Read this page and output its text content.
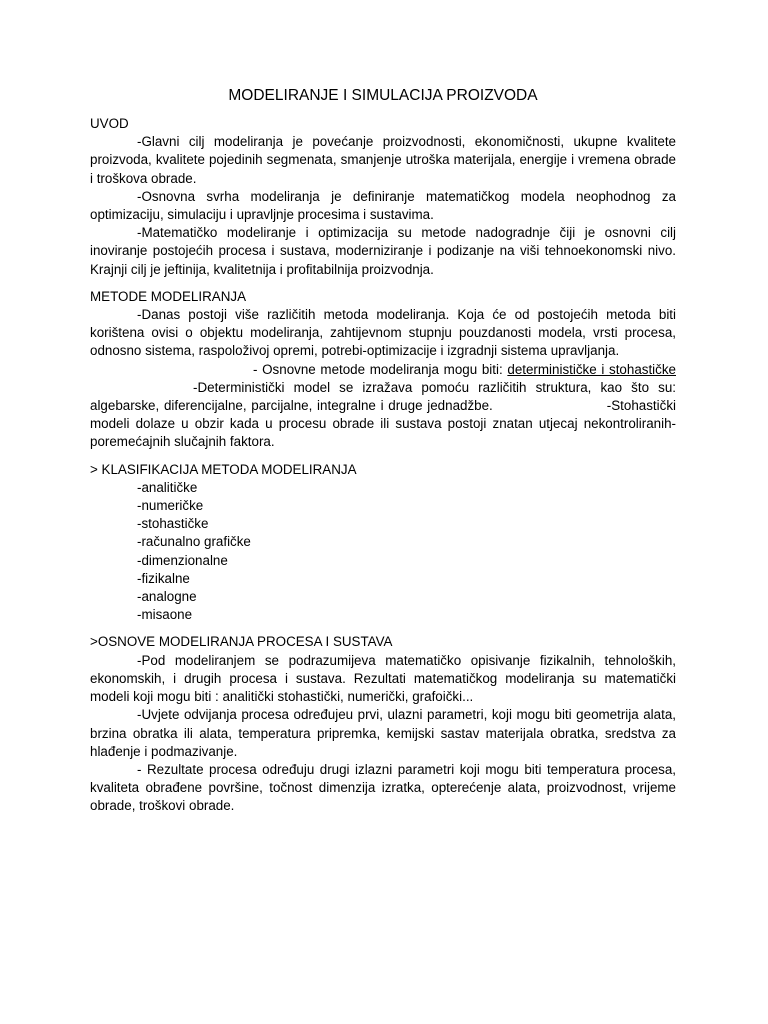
MODELIRANJE I SIMULACIJA PROIZVODA

UVOD

-Glavni cilj modeliranja je povećanje proizvodnosti, ekonomičnosti, ukupne kvalitete proizvoda, kvalitete pojedinih segmenata, smanjenje utroška materijala, energije i vremena obrade i troškova obrade.

-Osnovna svrha modeliranja je definiranje matematičkog modela neophodnog za optimizaciju, simulaciju i upravljnje procesima i sustavima.

-Matematičko modeliranje i optimizacija su metode nadogradnje čiji je osnovni cilj inoviranje postojećih procesa i sustava, moderniziranje i podizanje na viši tehnoekonomski nivo. Krajnji cilj je jeftinija, kvalitetnija i profitabilnija proizvodnja.

METODE MODELIRANJA

-Danas postoji više različitih metoda modeliranja. Koja će od postojećih metoda biti korištena ovisi o objektu modeliranja, zahtijevnom stupnju pouzdanosti modela, vrsti procesa, odnosno sistema, raspoloživoj opremi, potrebi-optimizacije i izgradnji sistema upravljanja.

- Osnovne metode modeliranja mogu biti: determinističke i stohastičke -Deterministički model se izražava pomoću različitih struktura, kao što su: algebarske, diferencijalne, parcijalne, integralne i druge jednadžbe.	-Stohastički modeli dolaze u obzir kada u procesu obrade ili sustava postoji znatan utjecaj nekontroliranih-poremećajnih slučajnih faktora.

> KLASIFIKACIJA METODA MODELIRANJA

-analitičke
-numeričke
-stohastičke
-računalno grafičke
-dimenzionalne
-fizikalne
-analogne
-misaone

>OSNOVE MODELIRANJA PROCESA I SUSTAVA

-Pod modeliranjem se podrazumijeva matematičko opisivanje fizikalnih, tehnoloških, ekonomskih, i drugih procesa i sustava. Rezultati matematičkog modeliranja su matematički modeli koji mogu biti : analitički stohastički, numerički, grafoički...

-Uvjete odvijanja procesa određujeu prvi, ulazni parametri, koji mogu biti geometrija alata, brzina obratka ili alata, temperatura pripremka, kemijski sastav materijala obratka, sredstva za hlađenje i podmazivanje.

- Rezultate procesa određuju drugi izlazni parametri koji mogu biti temperatura procesa, kvaliteta obrađene površine, točnost dimenzija izratka, opterećenje alata, proizvodnost, vrijeme obrade, troškovi obrade.
